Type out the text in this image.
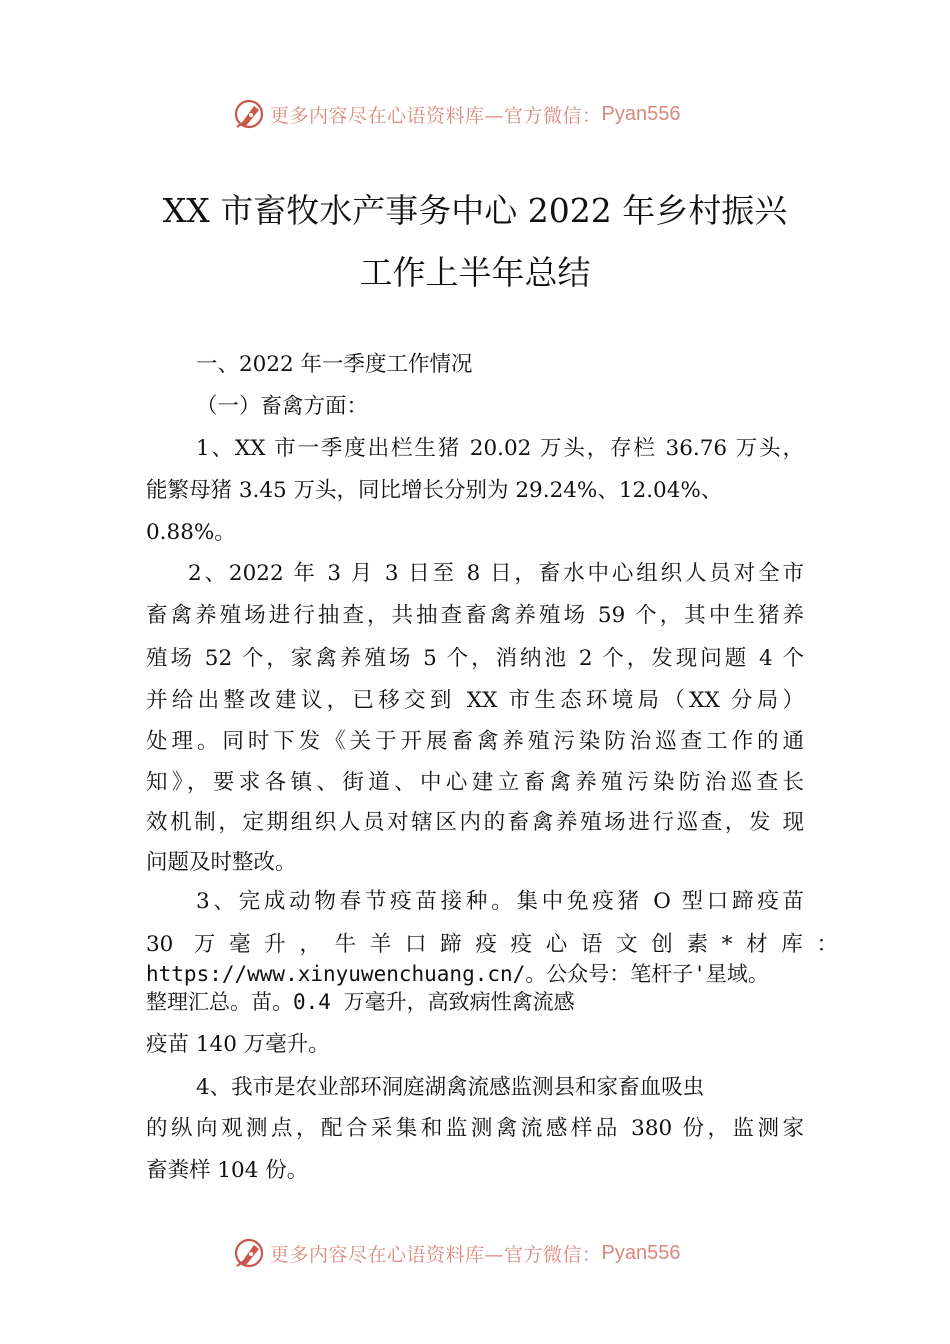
更多内容尽在心语资料库—官方微信： Pyan556
XX 市畜牧水产事务中心 2022 年乡村振兴
工作上半年总结

一、2022 年一季度工作情况

（一）畜禽方面：

1、XX 市一季度出栏生猪 20.02 万头，存栏 36.76 万头，

能繁母猪 3.45 万头，同比增长分别为 29.24%、12.04%、

0.88%。

2、2022 年 3 月 3 日至 8 日，畜水中心组织人员对全市

畜禽养殖场进行抽查，共抽查畜禽养殖场 59 个，其中生猪养

殖场 52 个，家禽养殖场 5 个，消纳池 2 个，发现问题 4 个

并给出整改建议，已移交到 XX 市生态环境局（XX 分局）

处理。同时下发《关于开展畜禽养殖污染防治巡查工作的通

知》，要求各镇、街道、中心建立畜禽养殖污染防治巡查长

效机制，定期组织人员对辖区内的畜禽养殖场进行巡查，发 现

问题及时整改。

3、完成动物春节疫苗接种。集中免疫猪 O 型口蹄疫苗

30 万毫升，牛羊口蹄疫疫心语文创素*材库：

https://www.xinyuwenchuang.cn/。公众号：笔杆子'星域。

整理汇总。苗。0.4 万毫升，高致病性禽流感

疫苗 140 万毫升。

4、我市是农业部环洞庭湖禽流感监测县和家畜血吸虫

的纵向观测点，配合采集和监测禽流感样品 380 份，监测家

畜粪样 104 份。

更多内容尽在心语资料库—官方微信： Pyan556
